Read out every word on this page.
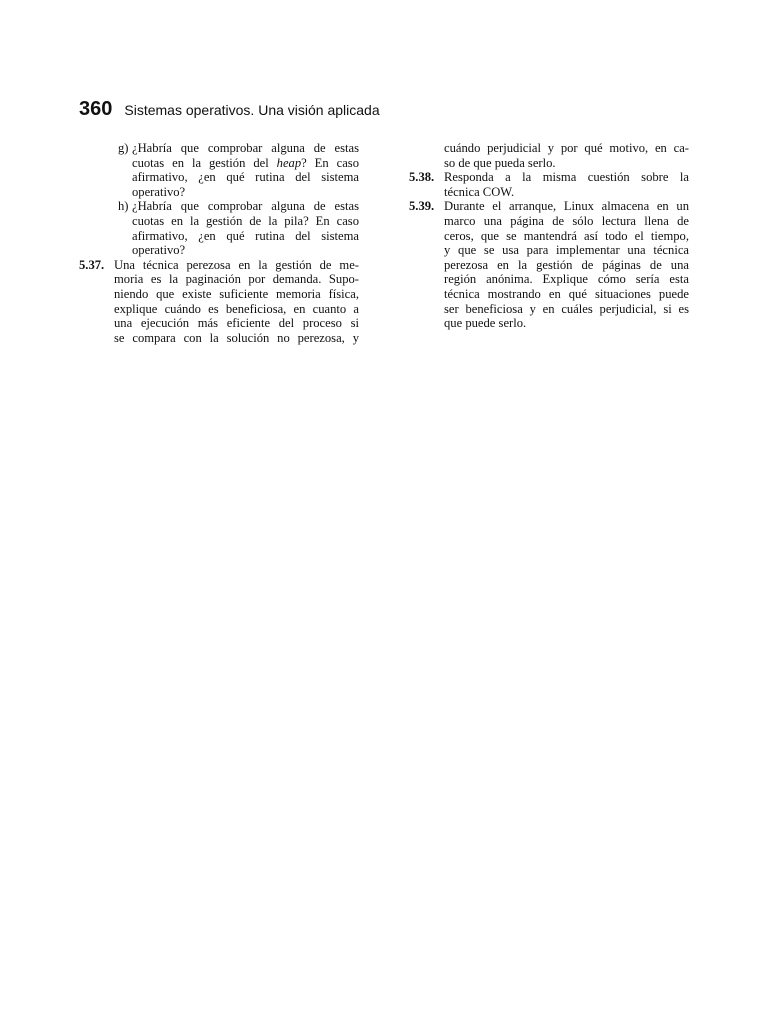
360 Sistemas operativos. Una visión aplicada
g) ¿Habría que comprobar alguna de estas
cuotas en la gestión del heap? En caso
afirmativo, ¿en qué rutina del sistema
operativo?
h) ¿Habría que comprobar alguna de estas
cuotas en la gestión de la pila? En caso
afirmativo, ¿en qué rutina del sistema
operativo?
5.37. Una técnica perezosa en la gestión de me-
moria es la paginación por demanda. Supo-
niendo que existe suficiente memoria física,
explique cuándo es beneficiosa, en cuanto a
una ejecución más eficiente del proceso si
se compara con la solución no perezosa, y
cuándo perjudicial y por qué motivo, en ca-
so de que pueda serlo.
5.38. Responda a la misma cuestión sobre la
técnica COW.
5.39. Durante el arranque, Linux almacena en un
marco una página de sólo lectura llena de
ceros, que se mantendrá así todo el tiempo,
y que se usa para implementar una técnica
perezosa en la gestión de páginas de una
región anónima. Explique cómo sería esta
técnica mostrando en qué situaciones puede
ser beneficiosa y en cuáles perjudicial, si es
que puede serlo.
